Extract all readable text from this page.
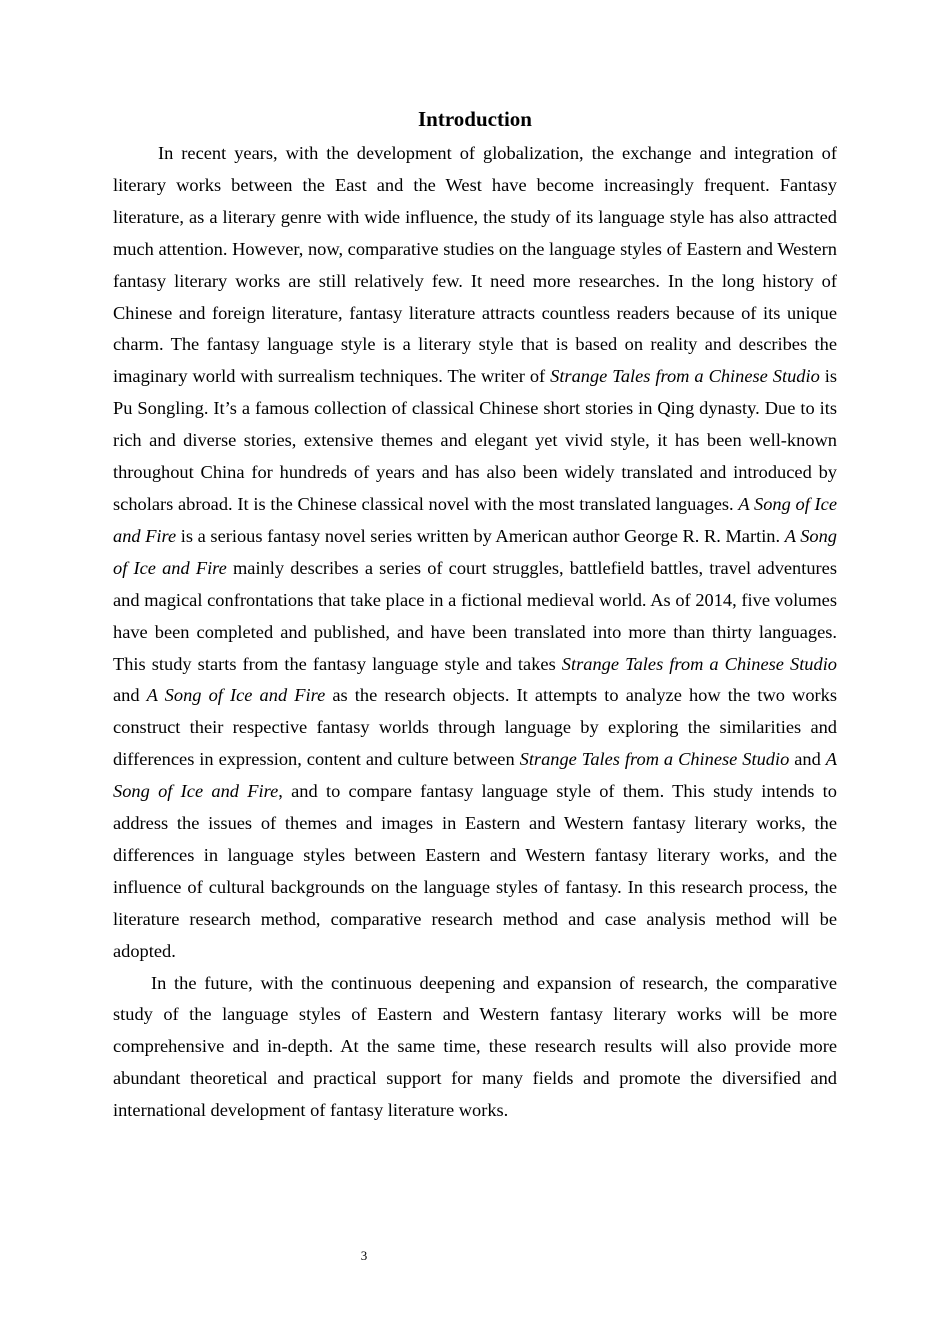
Introduction

In recent years, with the development of globalization, the exchange and integration of literary works between the East and the West have become increasingly frequent. Fantasy literature, as a literary genre with wide influence, the study of its language style has also attracted much attention. However, now, comparative studies on the language styles of Eastern and Western fantasy literary works are still relatively few. It need more researches. In the long history of Chinese and foreign literature, fantasy literature attracts countless readers because of its unique charm. The fantasy language style is a literary style that is based on reality and describes the imaginary world with surrealism techniques. The writer of Strange Tales from a Chinese Studio is Pu Songling. It’s a famous collection of classical Chinese short stories in Qing dynasty. Due to its rich and diverse stories, extensive themes and elegant yet vivid style, it has been well-known throughout China for hundreds of years and has also been widely translated and introduced by scholars abroad. It is the Chinese classical novel with the most translated languages. A Song of Ice and Fire is a serious fantasy novel series written by American author George R. R. Martin. A Song of Ice and Fire mainly describes a series of court struggles, battlefield battles, travel adventures and magical confrontations that take place in a fictional medieval world. As of 2014, five volumes have been completed and published, and have been translated into more than thirty languages. This study starts from the fantasy language style and takes Strange Tales from a Chinese Studio and A Song of Ice and Fire as the research objects. It attempts to analyze how the two works construct their respective fantasy worlds through language by exploring the similarities and differences in expression, content and culture between Strange Tales from a Chinese Studio and A Song of Ice and Fire, and to compare fantasy language style of them. This study intends to address the issues of themes and images in Eastern and Western fantasy literary works, the differences in language styles between Eastern and Western fantasy literary works, and the influence of cultural backgrounds on the language styles of fantasy. In this research process, the literature research method, comparative research method and case analysis method will be adopted.

In the future, with the continuous deepening and expansion of research, the comparative study of the language styles of Eastern and Western fantasy literary works will be more comprehensive and in-depth. At the same time, these research results will also provide more abundant theoretical and practical support for many fields and promote the diversified and international development of fantasy literature works.

3
